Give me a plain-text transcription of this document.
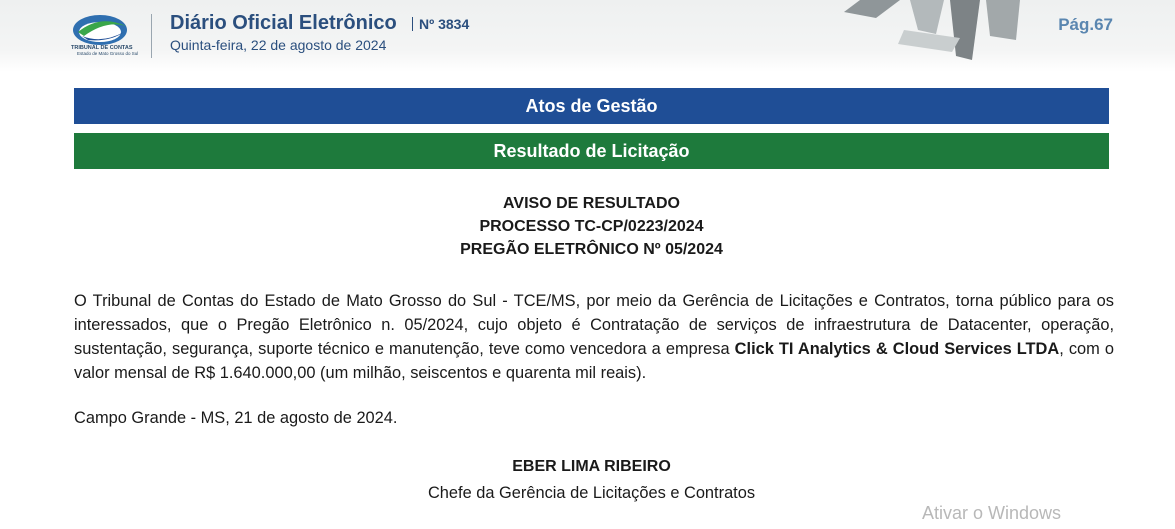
TRIBUNAL DE CONTAS
Estado de Mato Grosso do Sul
Diário Oficial Eletrônico	Nº 3834
Quinta-feira, 22 de agosto de 2024
Pág.67
Atos de Gestão
Resultado de Licitação
AVISO DE RESULTADO
PROCESSO TC-CP/0223/2024
PREGÃO ELETRÔNICO Nº 05/2024

O Tribunal de Contas do Estado de Mato Grosso do Sul - TCE/MS, por meio da Gerência de Licitações e Contratos, torna público para os interessados, que o Pregão Eletrônico n. 05/2024, cujo objeto é Contratação de serviços de infraestrutura de Datacenter, operação, sustentação, segurança, suporte técnico e manutenção, teve como vencedora a empresa Click TI Analytics & Cloud Services LTDA, com o valor mensal de R$ 1.640.000,00 (um milhão, seiscentos e quarenta mil reais).

Campo Grande - MS, 21 de agosto de 2024.
EBER LIMA RIBEIRO
Chefe da Gerência de Licitações e Contratos
Ativar o Windows
